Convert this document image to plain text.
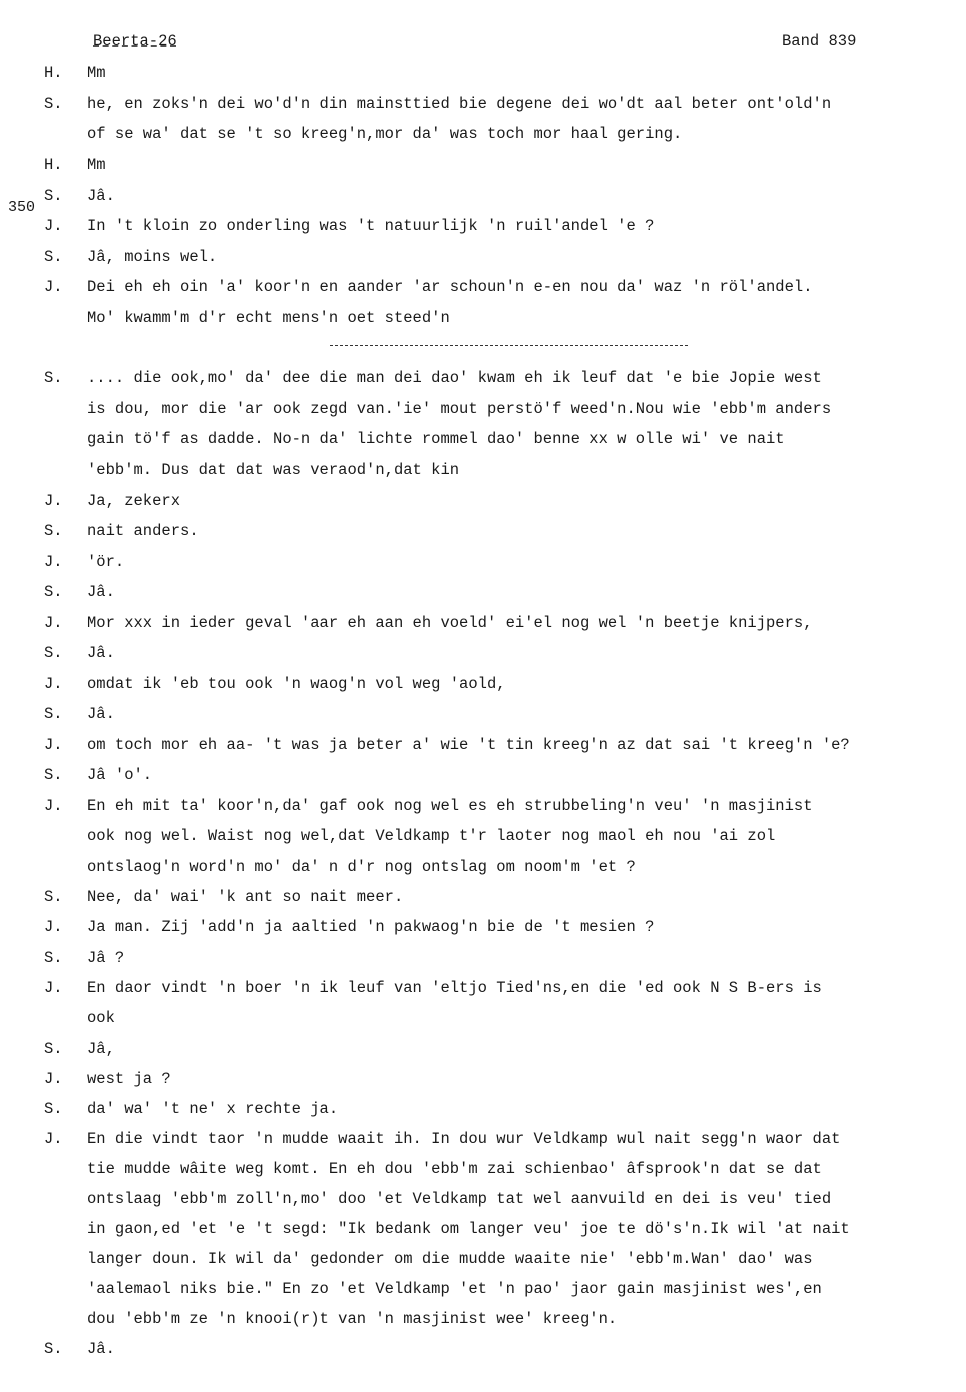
Beerta-26	Band 839
350
H. Mm
S. he, en zoks'n dei wo'd'n din mainsttied bie degene dei wo'dt aal beter ont'old'n
of se wa' dat se 't so kreeg'n,mor da' was toch mor haal gering.
H. Mm
S. Jâ.
J. In 't kloin zo onderling was 't natuurlijk 'n ruil'andel 'e ?
S. Jâ, moins wel.
J. Dei eh eh oin 'a' koor'n en aander 'ar schoun'n e-en nou da' waz 'n röl'andel.
Mo' kwamm'm d'r echt mens'n oet steed'n
S. .... die ook,mo' da' dee die man dei dao' kwam eh ik leuf dat 'e bie Jopie west
is dou, mor die 'ar ook zegd van.'ie' mout perstö'f weed'n.Nou wie 'ebb'm anders
gain tö'f as dadde. No-n da' lichte rommel dao' benne xx w olle wi' ve nait
'ebb'm. Dus dat dat was veraod'n,dat kin
J. Ja, zekerx
S. nait anders.
J. 'ör.
S. Jâ.
J. Mor xxx in ieder geval 'aar eh aan eh voeld' ei'el nog wel 'n beetje knijpers,
S. Jâ.
J. omdat ik 'eb tou ook 'n waog'n vol weg 'aold,
S. Jâ.
J. om toch mor eh aa- 't was ja beter a' wie 't tin kreeg'n az dat sai 't kreeg'n 'e?
S. Jâ 'o'.
J. En eh mit ta' koor'n,da' gaf ook nog wel es eh strubbeling'n veu' 'n masjinist
ook nog wel. Waist nog wel,dat Veldkamp t'r laoter nog maol eh nou 'ai zol
ontslaog'n word'n mo' da' n d'r nog ontslag om noom'm 'et ?
S. Nee, da' wai' 'k ant so nait meer.
J. Ja man. Zij 'add'n ja aaltied 'n pakwaog'n bie de 't mesien ?
S. Jâ ?
J. En daor vindt 'n boer 'n ik leuf van 'eltjo Tied'ns,en die 'ed ook N S B-ers is
ook
S. Jâ,
J. west ja ?
S. da' wa' 't ne' x rechte ja.
J. En die vindt taor 'n mudde waait ih. In dou wur Veldkamp wul nait segg'n waor dat
tie mudde wâite weg komt. En eh dou 'ebb'm zai schienbao' âfsprook'n dat se dat
ontslaag 'ebb'm zoll'n,mo' doo 'et Veldkamp tat wel aanvuild en dei is veu' tied
in gaon,ed 'et 'e 't segd: "Ik bedank om langer veu' joe te dö's'n.Ik wil 'at nait
langer doun. Ik wil da' gedonder om die mudde waaite nie' 'ebb'm.Wan' dao' was
'aalemaol niks bie." En zo 'et Veldkamp 'et 'n pao' jaor gain masjinist wes',en
dou 'ebb'm ze 'n knooi(r)t van 'n masjinist wee' kreeg'n.
S. Jâ.
